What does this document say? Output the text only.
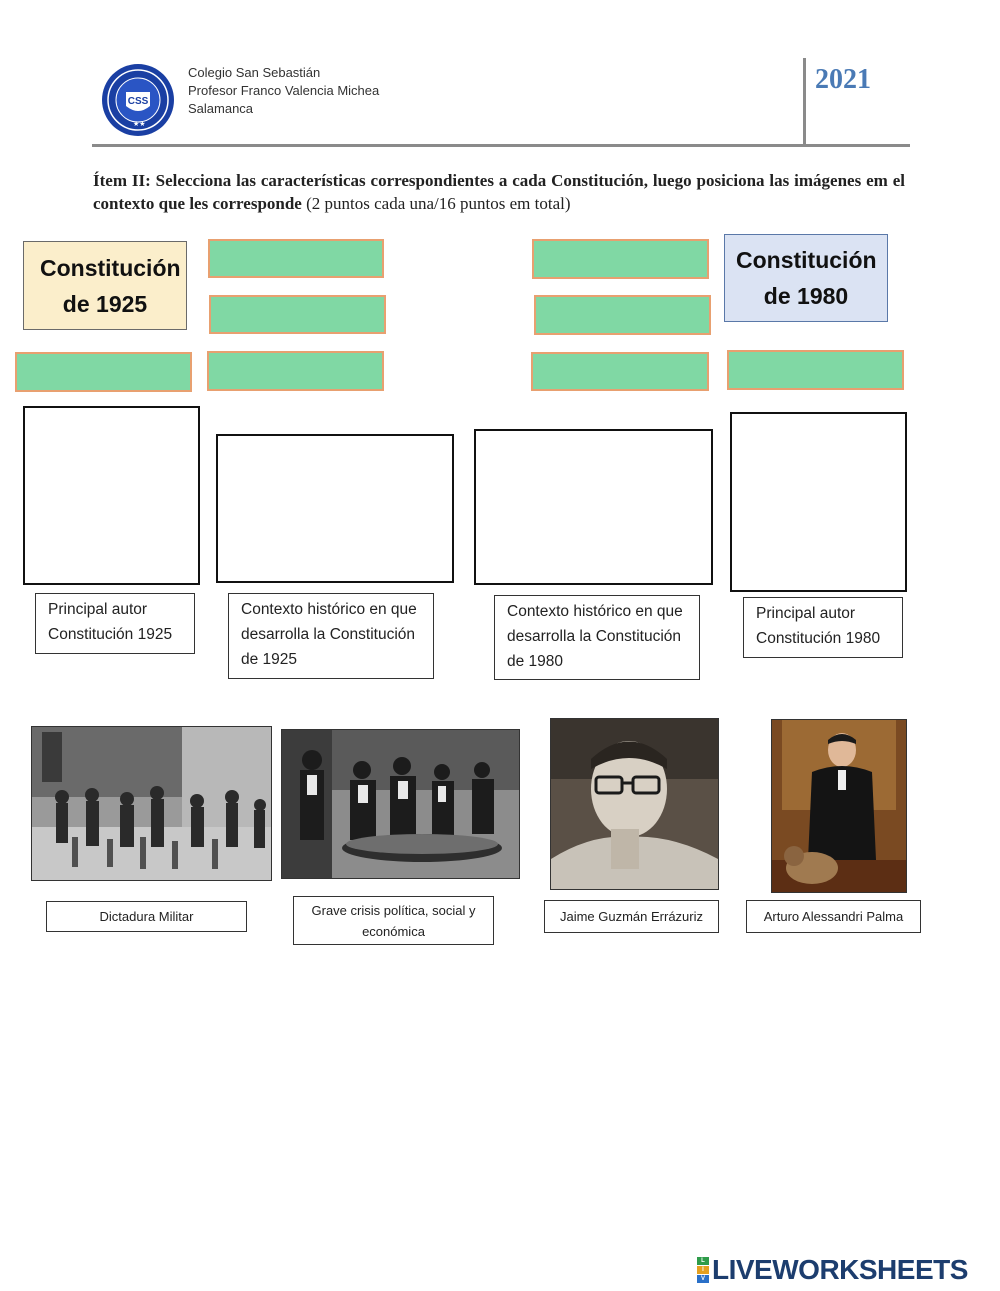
CSS
★★
Colegio San Sebastián
Profesor Franco Valencia Michea
Salamanca
2021
Ítem II: Selecciona las características correspondientes a cada Constitución, luego posiciona las imágenes em el contexto que les corresponde (2 puntos cada una/16 puntos em total)
Constitución de 1925
Constitución de 1980
Principal autor Constitución 1925
Contexto histórico en que desarrolla la Constitución de 1925
Contexto histórico en que desarrolla la Constitución de 1980
Principal autor Constitución 1980
Dictadura Militar	Grave crisis política, social y económica
Jaime Guzmán Errázuriz	Arturo Alessandri Palma
L
I
V LIVEWORKSHEETS
